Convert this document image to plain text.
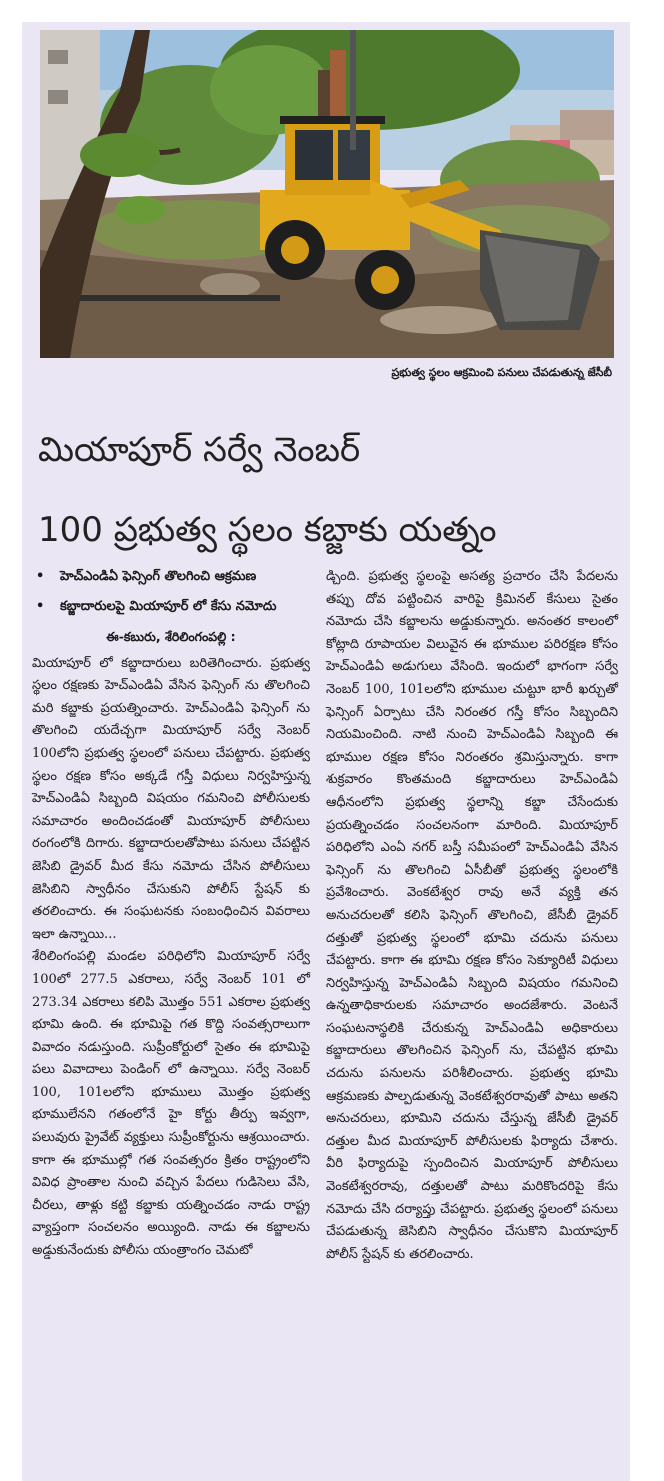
ప్రభుత్వ స్థలం ఆక్రమించి పనులు చేపడుతున్న జేసీబీ
మియాపూర్ సర్వే నెంబర్
100 ప్రభుత్వ స్థలం కబ్జాకు యత్నం
• హెచ్ఎండిఏ ఫెన్సింగ్ తొలగించి ఆక్రమణ
• కబ్జాదారులపై మియాపూర్ లో కేసు నమోదు
ఈ-కబురు, శేరిలింగంపల్లి :

మియాపూర్ లో కబ్జాదారులు బరితెగించారు. ప్రభుత్వ స్థలం రక్షణకు హెచ్ఎండిఏ వేసిన ఫెన్సింగ్ ను తొలగించి మరి కబ్జాకు ప్రయత్నించారు. హెచ్ఎండిఏ ఫెన్సింగ్ ను తొలగించి యదేచ్చగా మియాపూర్ సర్వే నెంబర్ 100లోని ప్రభుత్వ స్థలంలో పనులు చేపట్టారు. ప్రభుత్వ స్థలం రక్షణ కోసం అక్కడే గస్తీ విధులు నిర్వహిస్తున్న హెచ్ఎండిఏ సిబ్బంది విషయం గమనించి పోలీసులకు సమాచారం అందించడంతో మియాపూర్ పోలీసులు రంగంలోకి దిగారు. కబ్జాదారులతోపాటు పనులు చేపట్టిన జెసిబి డ్రైవర్ మీద కేసు నమోదు చేసిన పోలీసులు జెసిబిని స్వాధీనం చేసుకుని పోలీస్ స్టేషన్ కు తరలించారు. ఈ సంఘటనకు సంబంధించిన వివరాలు ఇలా ఉన్నాయి...

శేరిలింగంపల్లి మండల పరిధిలోని మియాపూర్ సర్వే 100లో 277.5 ఎకరాలు, సర్వే నెంబర్ 101 లో 273.34 ఎకరాలు కలిపి మొత్తం 551 ఎకరాల ప్రభుత్వ భూమి ఉంది. ఈ భూమిపై గత కొద్ది సంవత్సరాలుగా వివాదం నడుస్తుంది. సుప్రీంకోర్టులో సైతం ఈ భూమిపై పలు వివాదాలు పెండింగ్ లో ఉన్నాయి. సర్వే నెంబర్ 100, 101లలోని భూములు మొత్తం ప్రభుత్వ భూములేనని గతంలోనే హై కోర్టు తీర్పు ఇవ్వగా, పలువురు ప్రైవేట్ వ్యక్తులు సుప్రీంకోర్టును ఆశ్రయించారు. కాగా ఈ భూముల్లో గత సంవత్సరం క్రితం రాష్ట్రంలోని వివిధ ప్రాంతాల నుంచి వచ్చిన పేదలు గుడిసెలు వేసి, చీరలు, తాళ్లు కట్టి కబ్జాకు యత్నించడం నాడు రాష్ట్ర వ్యాప్తంగా సంచలనం అయ్యింది. నాడు ఈ కబ్జాలను అడ్డుకునేందుకు పోలీసు యంత్రాంగం చెమటో

డ్చింది. ప్రభుత్వ స్థలంపై అసత్య ప్రచారం చేసి పేదలను తప్పు దోవ పట్టించిన వారిపై క్రిమినల్ కేసులు సైతం నమోదు చేసి కబ్జాలను అడ్డుకున్నారు. అనంతర కాలంలో కోట్లాది రూపాయల విలువైన ఈ భూముల పరిరక్షణ కోసం హెచ్ఎండిఏ అడుగులు వేసింది. ఇందులో భాగంగా సర్వే నెంబర్ 100, 101లలోని భూముల చుట్టూ భారీ ఖర్చుతో ఫెన్సింగ్ ఏర్పాటు చేసి నిరంతర గస్తీ కోసం సిబ్బందిని నియమించింది. నాటి నుంచి హెచ్ఎండిఏ సిబ్బంది ఈ భూముల రక్షణ కోసం నిరంతరం శ్రమిస్తున్నారు. కాగా శుక్రవారం కొంతమంది కబ్జాదారులు హెచ్ఎండిఏ ఆధీనంలోని ప్రభుత్వ స్థలాన్ని కబ్జా చేసేందుకు ప్రయత్నించడం సంచలనంగా మారింది. మియాపూర్ పరిధిలోని ఎంఏ నగర్ బస్తీ సమీపంలో హెచ్ఎండిఏ వేసిన ఫెన్సింగ్ ను తొలగించి ఏసీబీతో ప్రభుత్వ స్థలంలోకి ప్రవేశించారు. వెంకటేశ్వర రావు అనే వ్యక్తి తన అనుచరులతో కలిసి ఫెన్సింగ్ తొలగించి, జేసీబీ డ్రైవర్ దత్తుతో ప్రభుత్వ స్థలంలో భూమి చదును పనులు చేపట్టారు. కాగా ఈ భూమి రక్షణ కోసం సెక్యూరిటీ విధులు నిర్వహిస్తున్న హెచ్ఎండిఏ సిబ్బంది విషయం గమనించి ఉన్నతాధికారులకు సమాచారం అందజేశారు. వెంటనే సంఘటనాస్థలికి చేరుకున్న హెచ్ఎండిఏ అధికారులు కబ్జాదారులు తొలగించిన ఫెన్సింగ్ ను, చేపట్టిన భూమి చదును పనులను పరిశీలించారు. ప్రభుత్వ భూమి ఆక్రమణకు పాల్పడుతున్న వెంకటేశ్వరరావుతో పాటు అతని అనుచరులు, భూమిని చదును చేస్తున్న జేసీబీ డ్రైవర్ దత్తుల మీద మియాపూర్ పోలీసులకు ఫిర్యాదు చేశారు. వీరి ఫిర్యాదుపై స్పందించిన మియాపూర్ పోలీసులు వెంకటేశ్వరరావు, దత్తులతో పాటు మరికొందరిపై కేసు నమోదు చేసి దర్యాప్తు చేపట్టారు. ప్రభుత్వ స్థలంలో పనులు చేపడుతున్న జెసిబిని స్వాధీనం చేసుకొని మియాపూర్ పోలీస్ స్టేషన్ కు తరలించారు.
